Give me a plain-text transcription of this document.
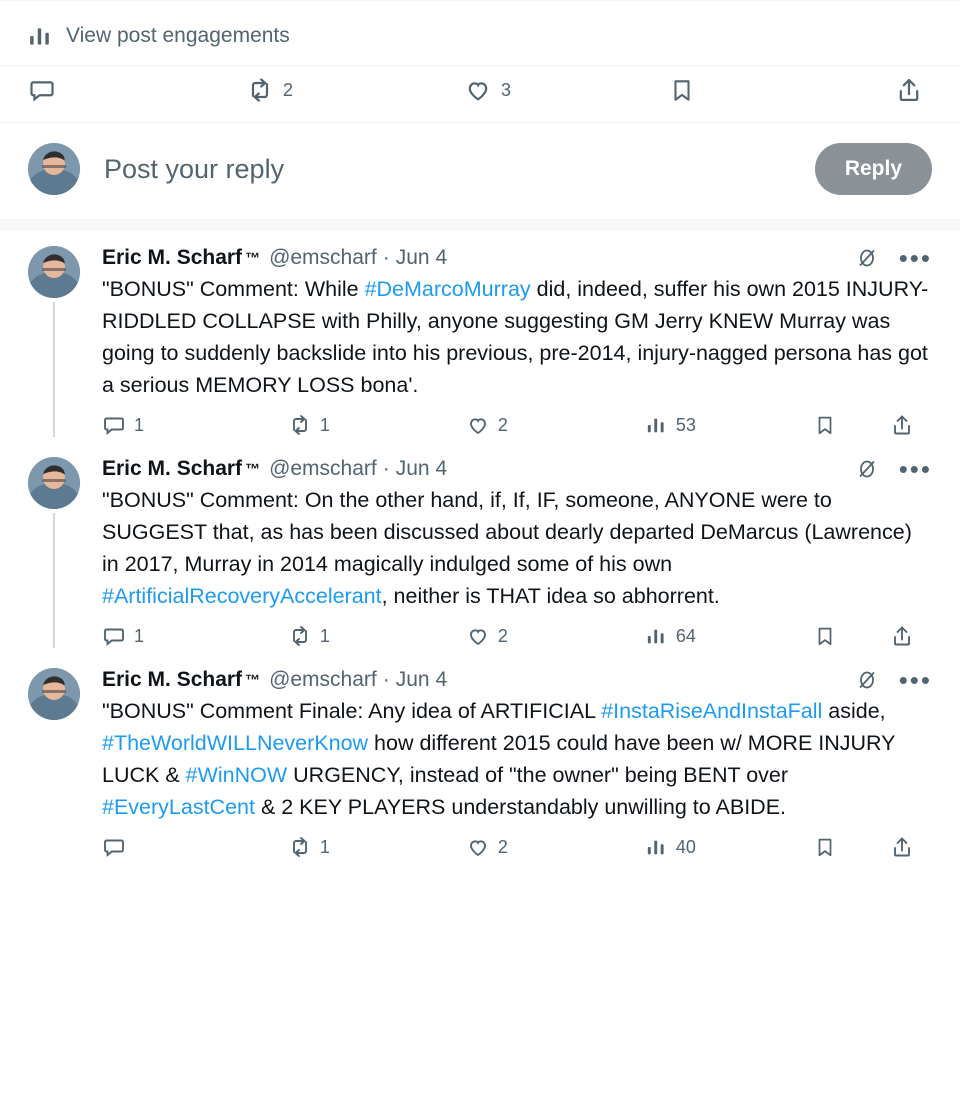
View post engagements
2	3
Post your reply	Reply
Eric M. Scharf ™ @emscharf · Jun 4	•••
"BONUS" Comment: While #DeMarcoMurray did, indeed, suffer his own 2015 INJURY-RIDDLED COLLAPSE with Philly, anyone suggesting GM Jerry KNEW Murray was going to suddenly backslide into his previous, pre-2014, injury-nagged persona has got a serious MEMORY LOSS bona'.
1	1	2	53
Eric M. Scharf ™ @emscharf · Jun 4	•••
"BONUS" Comment: On the other hand, if, If, IF, someone, ANYONE were to SUGGEST that, as has been discussed about dearly departed DeMarcus (Lawrence) in 2017, Murray in 2014 magically indulged some of his own #ArtificialRecoveryAccelerant, neither is THAT idea so abhorrent.
1	1	2	64
Eric M. Scharf ™ @emscharf · Jun 4	•••
"BONUS" Comment Finale: Any idea of ARTIFICIAL #InstaRiseAndInstaFall aside, #TheWorldWILLNeverKnow how different 2015 could have been w/ MORE INJURY LUCK & #WinNOW URGENCY, instead of "the owner" being BENT over #EveryLastCent & 2 KEY PLAYERS understandably unwilling to ABIDE.
1	2	40
